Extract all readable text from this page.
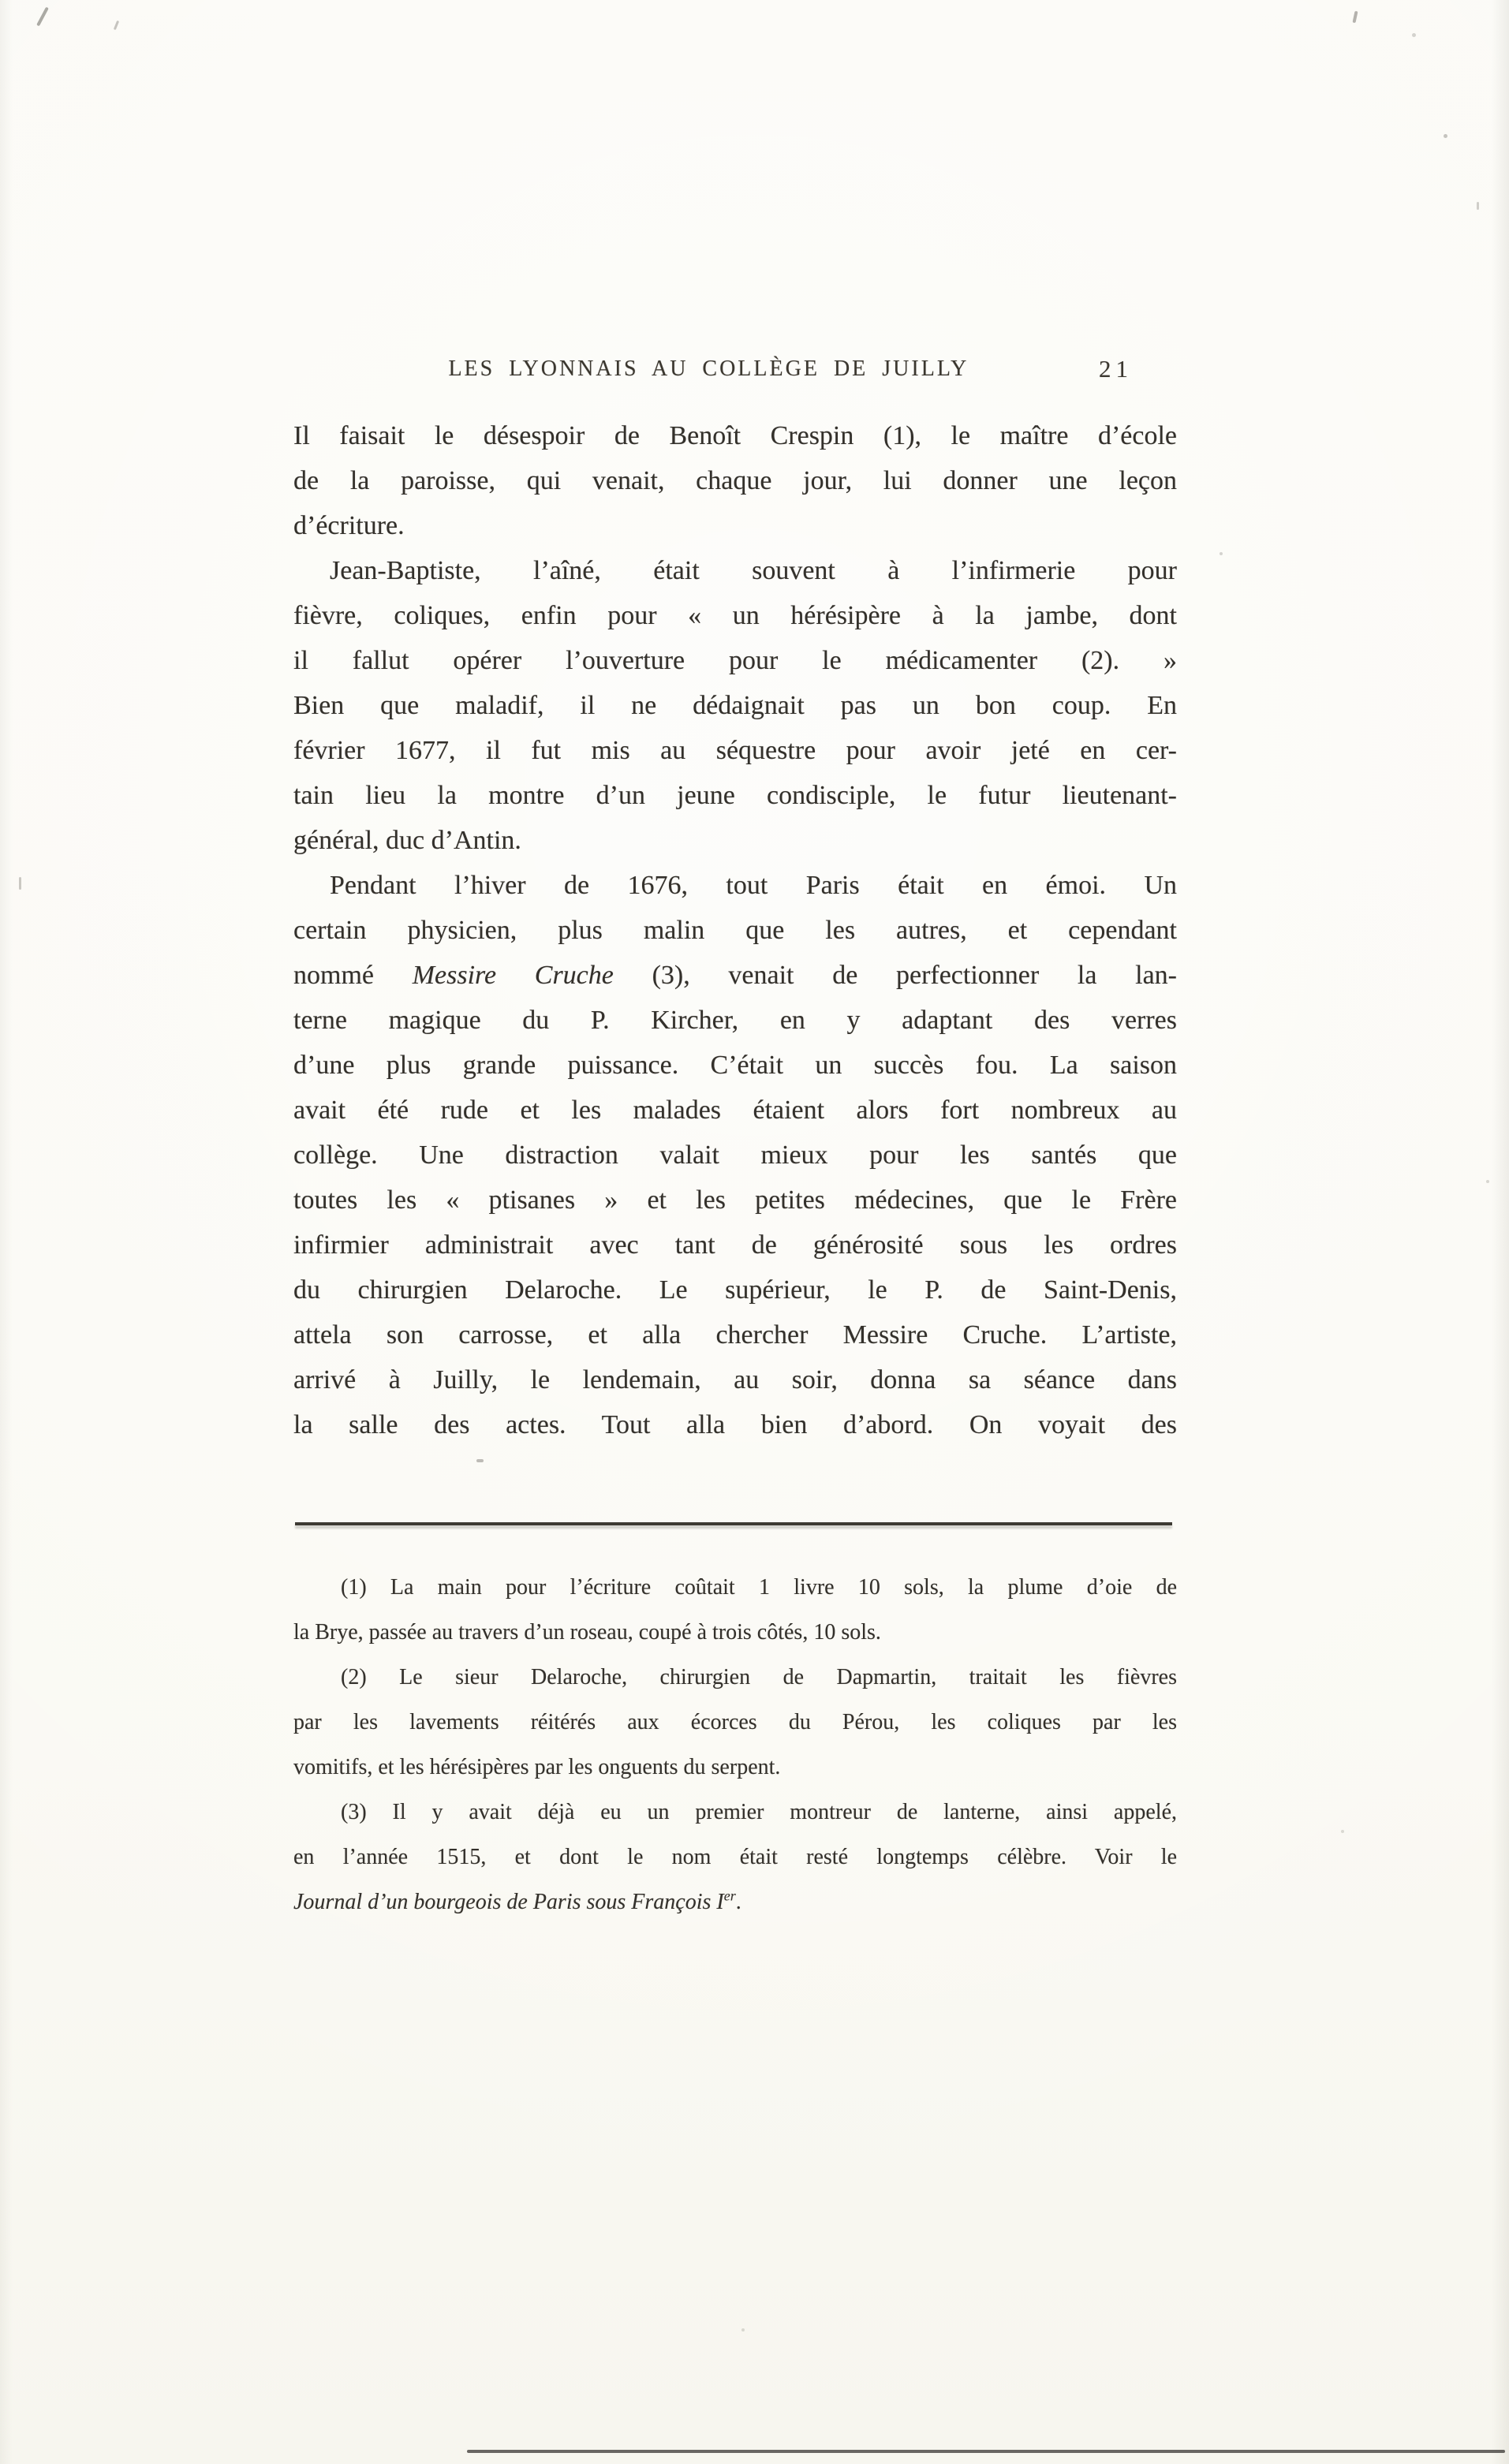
LES LYONNAIS AU COLLÈGE DE JUILLY	21
Il faisait le désespoir de Benoît Crespin (1), le maître d’école
de la paroisse, qui venait, chaque jour, lui donner une leçon
d’écriture.
Jean-Baptiste, l’aîné, était souvent à l’infirmerie pour
fièvre, coliques, enfin pour « un hérésipère à la jambe, dont
il fallut opérer l’ouverture pour le médicamenter (2). »
Bien que maladif, il ne dédaignait pas un bon coup. En
février 1677, il fut mis au séquestre pour avoir jeté en cer-
tain lieu la montre d’un jeune condisciple, le futur lieutenant-
général, duc d’Antin.
Pendant l’hiver de 1676, tout Paris était en émoi. Un
certain physicien, plus malin que les autres, et cependant
nommé Messire Cruche (3), venait de perfectionner la lan-
terne magique du P. Kircher, en y adaptant des verres
d’une plus grande puissance. C’était un succès fou. La saison
avait été rude et les malades étaient alors fort nombreux au
collège. Une distraction valait mieux pour les santés que
toutes les « ptisanes » et les petites médecines, que le Frère
infirmier administrait avec tant de générosité sous les ordres
du chirurgien Delaroche. Le supérieur, le P. de Saint-Denis,
attela son carrosse, et alla chercher Messire Cruche. L’artiste,
arrivé à Juilly, le lendemain, au soir, donna sa séance dans
la salle des actes. Tout alla bien d’abord. On voyait des
(1) La main pour l’écriture coûtait 1 livre 10 sols, la plume d’oie de
la Brye, passée au travers d’un roseau, coupé à trois côtés, 10 sols.
(2) Le sieur Delaroche, chirurgien de Dapmartin, traitait les fièvres
par les lavements réitérés aux écorces du Pérou, les coliques par les
vomitifs, et les hérésipères par les onguents du serpent.
(3) Il y avait déjà eu un premier montreur de lanterne, ainsi appelé,
en l’année 1515, et dont le nom était resté longtemps célèbre. Voir le
Journal d’un bourgeois de Paris sous François Ier.
